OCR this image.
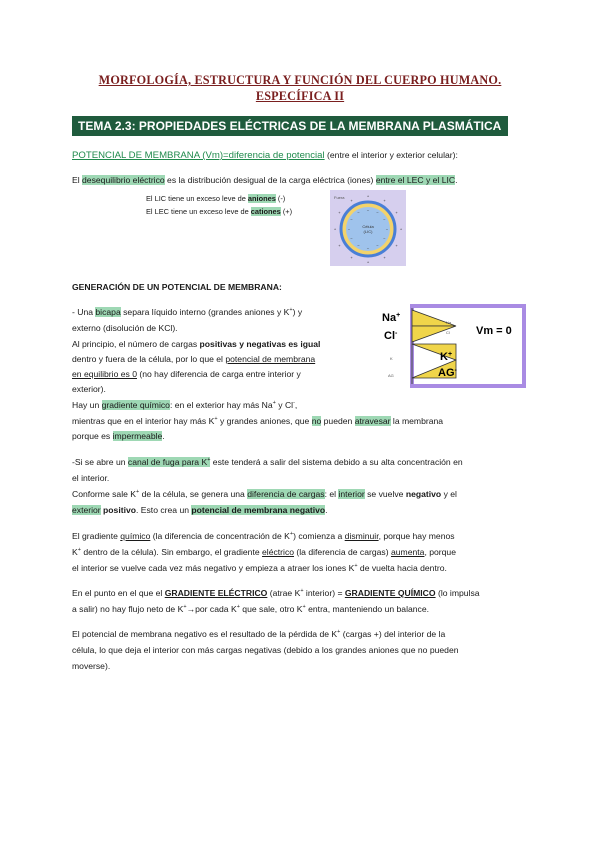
MORFOLOGÍA, ESTRUCTURA Y FUNCIÓN DEL CUERPO HUMANO.
ESPECÍFICA II
TEMA 2.3: PROPIEDADES ELÉCTRICAS DE LA MEMBRANA PLASMÁTICA
POTENCIAL DE MEMBRANA (Vm)=diferencia de potencial (entre el interior y exterior celular):
El desequilibrio eléctrico es la distribución desigual de la carga eléctrica (iones) entre el LEC y el LIC.
El LIC tiene un exceso leve de aniones (-)
El LEC tiene un exceso leve de cationes (+)
Fuera
Célula
(LIC)	+
−
+
−
+
−
+
−
+
−
+
−
+	−
+
−
+
−
+
−
+
−	+
−
GENERACIÓN DE UN POTENCIAL DE MEMBRANA:
- Una bicapa separa líquido interno (grandes aniones y K+) y
externo (disolución de KCl).
Al principio, el número de cargas positivas y negativas es igual
dentro y fuera de la célula, por lo que el potencial de membrana
en equilibrio es 0 (no hay diferencia de carga entre interior y
exterior).
Hay un gradiente químico: en el exterior hay más Na+ y Cl-,
mientras que en el interior hay más K+ y grandes aniones, que no pueden atravesar la membrana
porque es impermeable.
Na+
Cl-
K+
AG-
Vm = 0
Na
Cl
K
AG
-Si se abre un canal de fuga para K+ este tenderá a salir del sistema debido a su alta concentración en
el interior.
Conforme sale K+ de la célula, se genera una diferencia de cargas: el interior se vuelve negativo y el
exterior positivo. Esto crea un potencial de membrana negativo.
El gradiente químico (la diferencia de concentración de K+) comienza a disminuir, porque hay menos
K+ dentro de la célula). Sin embargo, el gradiente eléctrico (la diferencia de cargas) aumenta, porque
el interior se vuelve cada vez más negativo y empieza a atraer los iones K+ de vuelta hacia dentro.
En el punto en el que el GRADIENTE ELÉCTRICO (atrae K+ interior) = GRADIENTE QUÍMICO (lo impulsa
a salir) no hay flujo neto de K+→por cada K+ que sale, otro K+ entra, manteniendo un balance.
El potencial de membrana negativo es el resultado de la pérdida de K+ (cargas +) del interior de la
célula, lo que deja el interior con más cargas negativas (debido a los grandes aniones que no pueden
moverse).
